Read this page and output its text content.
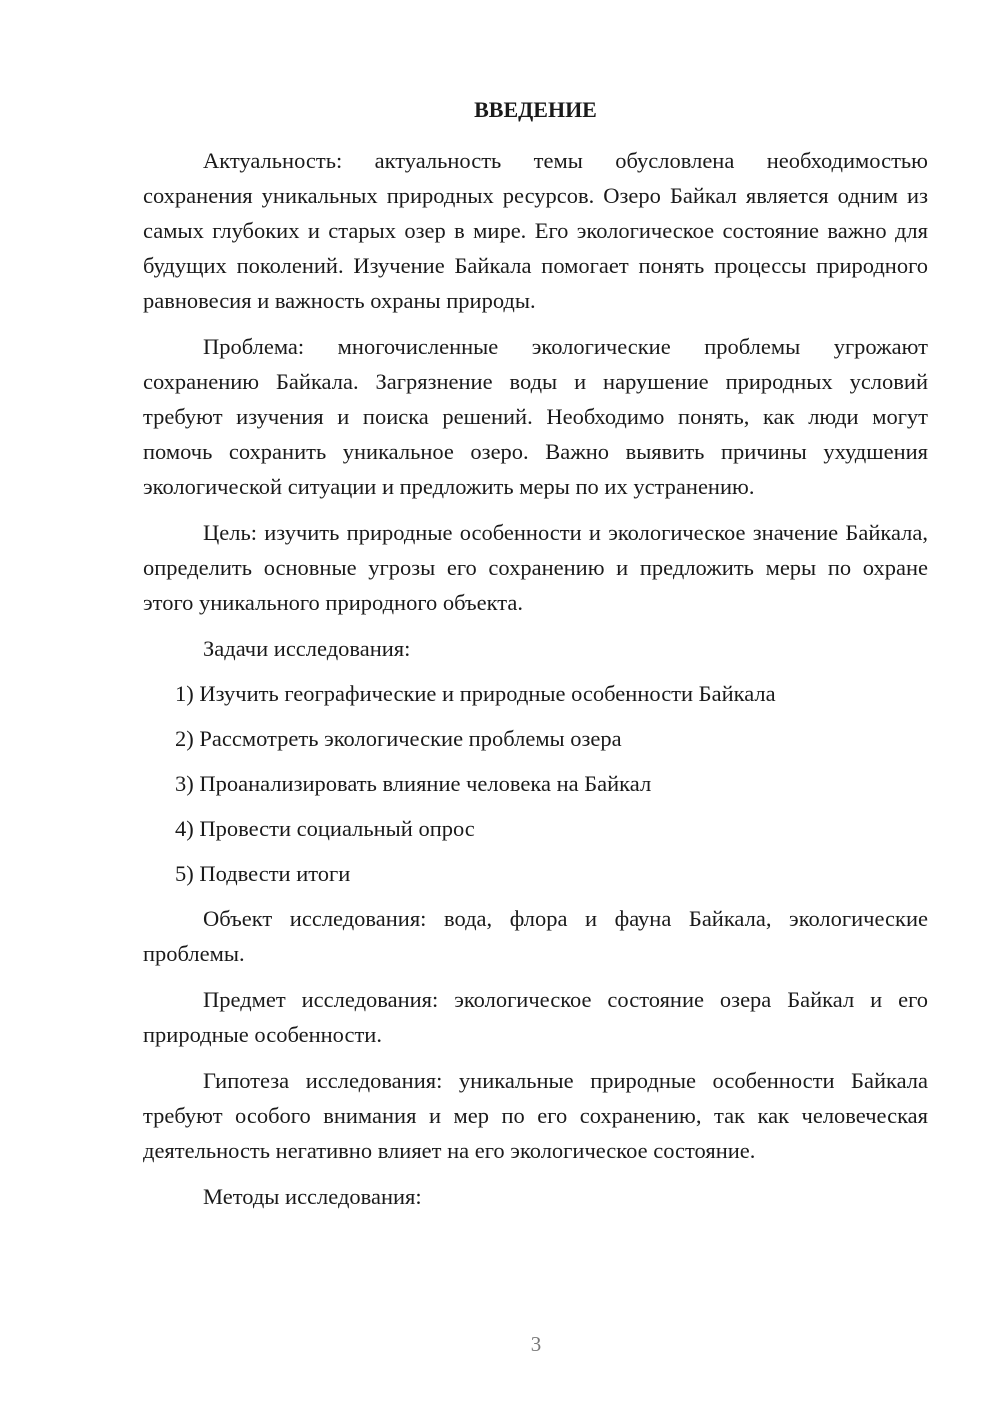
ВВЕДЕНИЕ

Актуальность: актуальность темы обусловлена необходимостью сохранения уникальных природных ресурсов. Озеро Байкал является одним из самых глубоких и старых озер в мире. Его экологическое состояние важно для будущих поколений. Изучение Байкала помогает понять процессы природного равновесия и важность охраны природы.

Проблема: многочисленные экологические проблемы угрожают сохранению Байкала. Загрязнение воды и нарушение природных условий требуют изучения и поиска решений. Необходимо понять, как люди могут помочь сохранить уникальное озеро. Важно выявить причины ухудшения экологической ситуации и предложить меры по их устранению.

Цель: изучить природные особенности и экологическое значение Байкала, определить основные угрозы его сохранению и предложить меры по охране этого уникального природного объекта.

Задачи исследования:

1) Изучить географические и природные особенности Байкала
2) Рассмотреть экологические проблемы озера
3) Проанализировать влияние человека на Байкал
4) Провести социальный опрос
5) Подвести итоги

Объект исследования: вода, флора и фауна Байкала, экологические проблемы.

Предмет исследования: экологическое состояние озера Байкал и его природные особенности.

Гипотеза исследования: уникальные природные особенности Байкала требуют особого внимания и мер по его сохранению, так как человеческая деятельность негативно влияет на его экологическое состояние.

Методы исследования:

3
